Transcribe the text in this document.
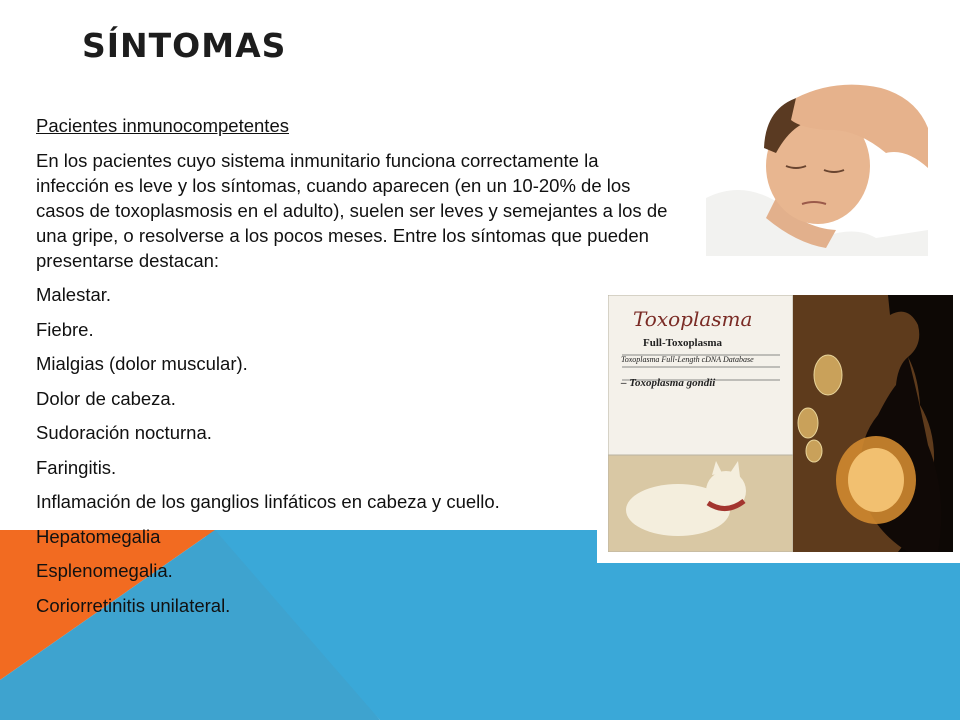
SÍNTOMAS
Toxoplasma
Full-Toxoplasma
Toxoplasma Full-Length cDNA Database
– Toxoplasma gondii

Pacientes inmunocompetentes

En los pacientes cuyo sistema inmunitario funciona correctamente la infección es leve y los síntomas, cuando aparecen (en un 10-20% de los casos de toxoplasmosis en el adulto), suelen ser leves y semejantes a los de una gripe, o resolverse a los pocos meses. Entre los síntomas que pueden presentarse destacan:

Malestar.
Fiebre.
Mialgias (dolor muscular).
Dolor de cabeza.
Sudoración nocturna.
Faringitis.
Inflamación de los ganglios linfáticos en cabeza y cuello.
Hepatomegalia
Esplenomegalia.
Coriorretinitis unilateral.
